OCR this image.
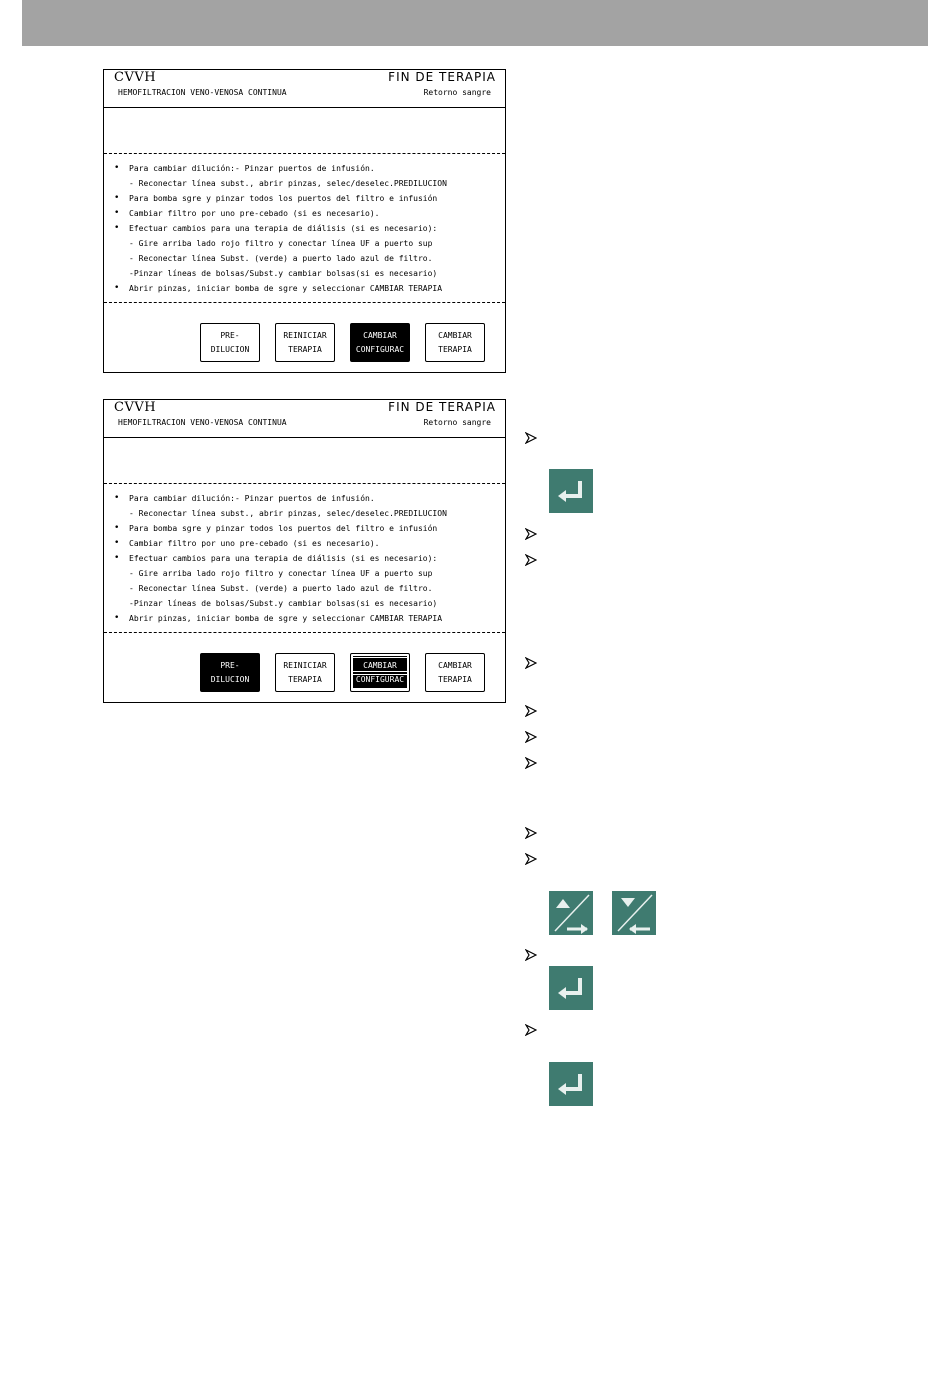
CVVH	FIN DE TERAPIA
HEMOFILTRACION VENO-VENOSA CONTINUA	Retorno sangre
• Para cambiar dilución:- Pinzar puertos de infusión.
- Reconectar línea subst., abrir pinzas, selec/deselec.PREDILUCION
• Para bomba sgre y pinzar todos los puertos del filtro e infusión
• Cambiar filtro por uno pre-cebado (si es necesario).
• Efectuar cambios para una terapia de diálisis (si es necesario):
- Gire arriba lado rojo filtro y conectar línea UF a puerto sup
- Reconectar línea Subst. (verde) a puerto lado azul de filtro.
-Pinzar líneas de bolsas/Subst.y cambiar bolsas(si es necesario)
• Abrir pinzas, iniciar bomba de sgre y seleccionar CAMBIAR TERAPIA
PRE-
DILUCION
REINICIAR
TERAPIA
CAMBIAR
CONFIGURAC
CAMBIAR
TERAPIA
CVVH	FIN DE TERAPIA
HEMOFILTRACION VENO-VENOSA CONTINUA	Retorno sangre
• Para cambiar dilución:- Pinzar puertos de infusión.
- Reconectar línea subst., abrir pinzas, selec/deselec.PREDILUCION
• Para bomba sgre y pinzar todos los puertos del filtro e infusión
• Cambiar filtro por uno pre-cebado (si es necesario).
• Efectuar cambios para una terapia de diálisis (si es necesario):
- Gire arriba lado rojo filtro y conectar línea UF a puerto sup
- Reconectar línea Subst. (verde) a puerto lado azul de filtro.
-Pinzar líneas de bolsas/Subst.y cambiar bolsas(si es necesario)
• Abrir pinzas, iniciar bomba de sgre y seleccionar CAMBIAR TERAPIA
PRE-
DILUCION
REINICIAR
TERAPIA
CAMBIAR
CONFIGURAC
CAMBIAR
TERAPIA
